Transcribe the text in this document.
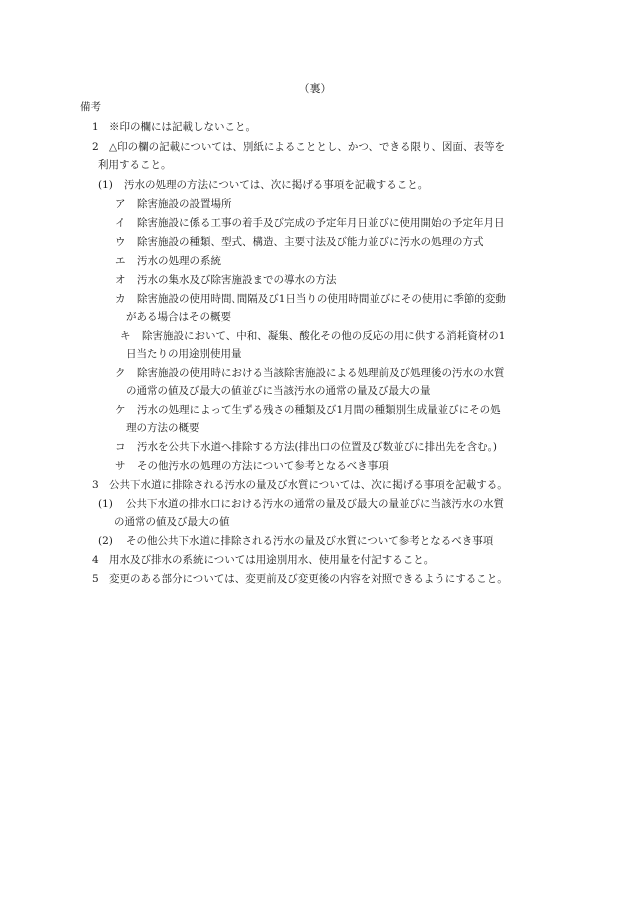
（裏）
備考
1 ※印の欄には記載しないこと。
2 △印の欄の記載については、別紙によることとし、かつ、できる限り、図面、表等を
利用すること。
(1) 汚水の処理の方法については、次に掲げる事項を記載すること。
ア 除害施設の設置場所
イ 除害施設に係る工事の着手及び完成の予定年月日並びに使用開始の予定年月日
ウ 除害施設の種類、型式、構造、主要寸法及び能力並びに汚水の処理の方式
エ 汚水の処理の系統
オ 汚水の集水及び除害施設までの導水の方法
カ 除害施設の使用時間､間隔及び1日当りの使用時間並びにその使用に季節的変動
がある場合はその概要
キ 除害施設において、中和、凝集、酸化その他の反応の用に供する消耗資材の1
日当たりの用途別使用量
ク 除害施設の使用時における当該除害施設による処理前及び処理後の汚水の水質
の通常の値及び最大の値並びに当該汚水の通常の量及び最大の量
ケ 汚水の処理によって生ずる残さの種類及び1月間の種類別生成量並びにその処
理の方法の概要
コ 汚水を公共下水道へ排除する方法(排出口の位置及び数並びに排出先を含む。)
サ その他汚水の処理の方法について参考となるべき事項
3 公共下水道に排除される汚水の量及び水質については、次に掲げる事項を記載する。
(1) 公共下水道の排水口における汚水の通常の量及び最大の量並びに当該汚水の水質
の通常の値及び最大の値
(2) その他公共下水道に排除される汚水の量及び水質について参考となるべき事項
4 用水及び排水の系統については用途別用水、使用量を付記すること。
5 変更のある部分については、変更前及び変更後の内容を対照できるようにすること。
